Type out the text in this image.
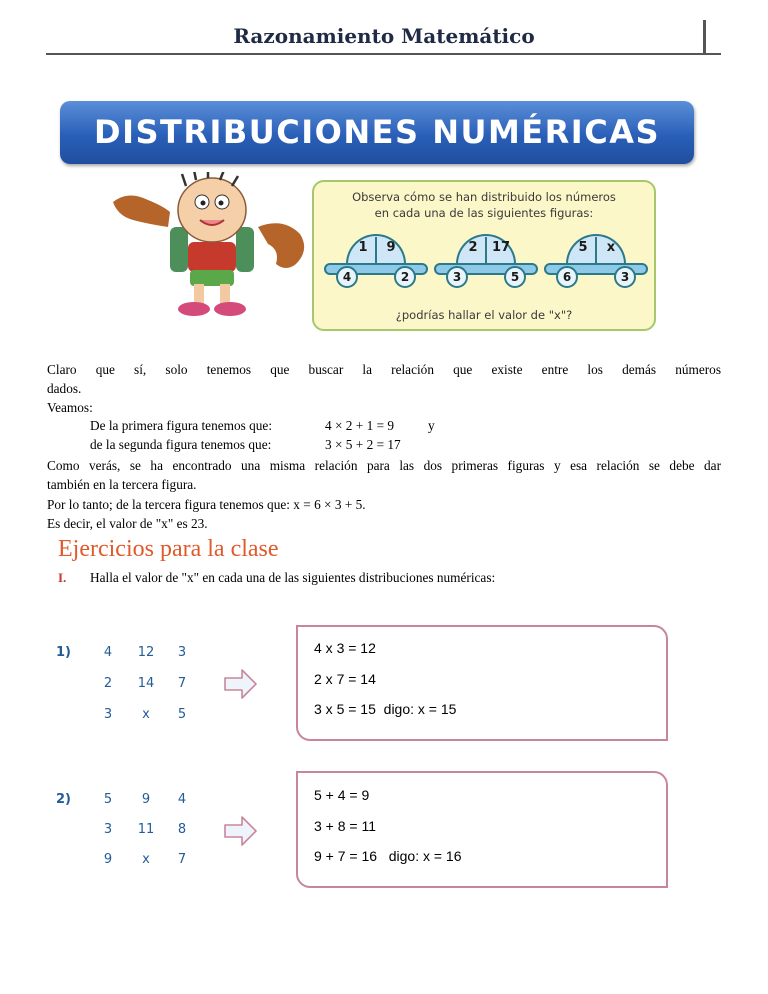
Razonamiento Matemático
DISTRIBUCIONES NUMÉRICAS
Observa cómo se han distribuido los números
en cada una de las siguientes figuras:
1	9
4	2
2	17
3	5
5	x
6	3
¿podrías hallar el valor de "x"?

Claro que sí, solo tenemos que buscar la relación que existe entre los demás números

dados.

Veamos:

De la primera figura tenemos que:	4 × 2 + 1 = 9	y
de la segunda figura tenemos que:	3 × 5 + 2 = 17

Como verás, se ha encontrado una misma relación para las dos primeras figuras y esa relación se debe dar

también en la tercera figura.

Por lo tanto; de la tercera figura tenemos que: x = 6 × 3 + 5.

Es decir, el valor de "x" es 23.

Ejercicios para la clase
I. Halla el valor de "x" en cada una de las siguientes distribuciones numéricas:
1)	4	12	3
2	14	7
3	x	5
4 x 3 = 12
2 x 7 = 14
3 x 5 = 15  digo: x = 15
2)	5	9	4
3	11	8
9	x	7
5 + 4 = 9
3 + 8 = 11
9 + 7 = 16   digo: x = 16
